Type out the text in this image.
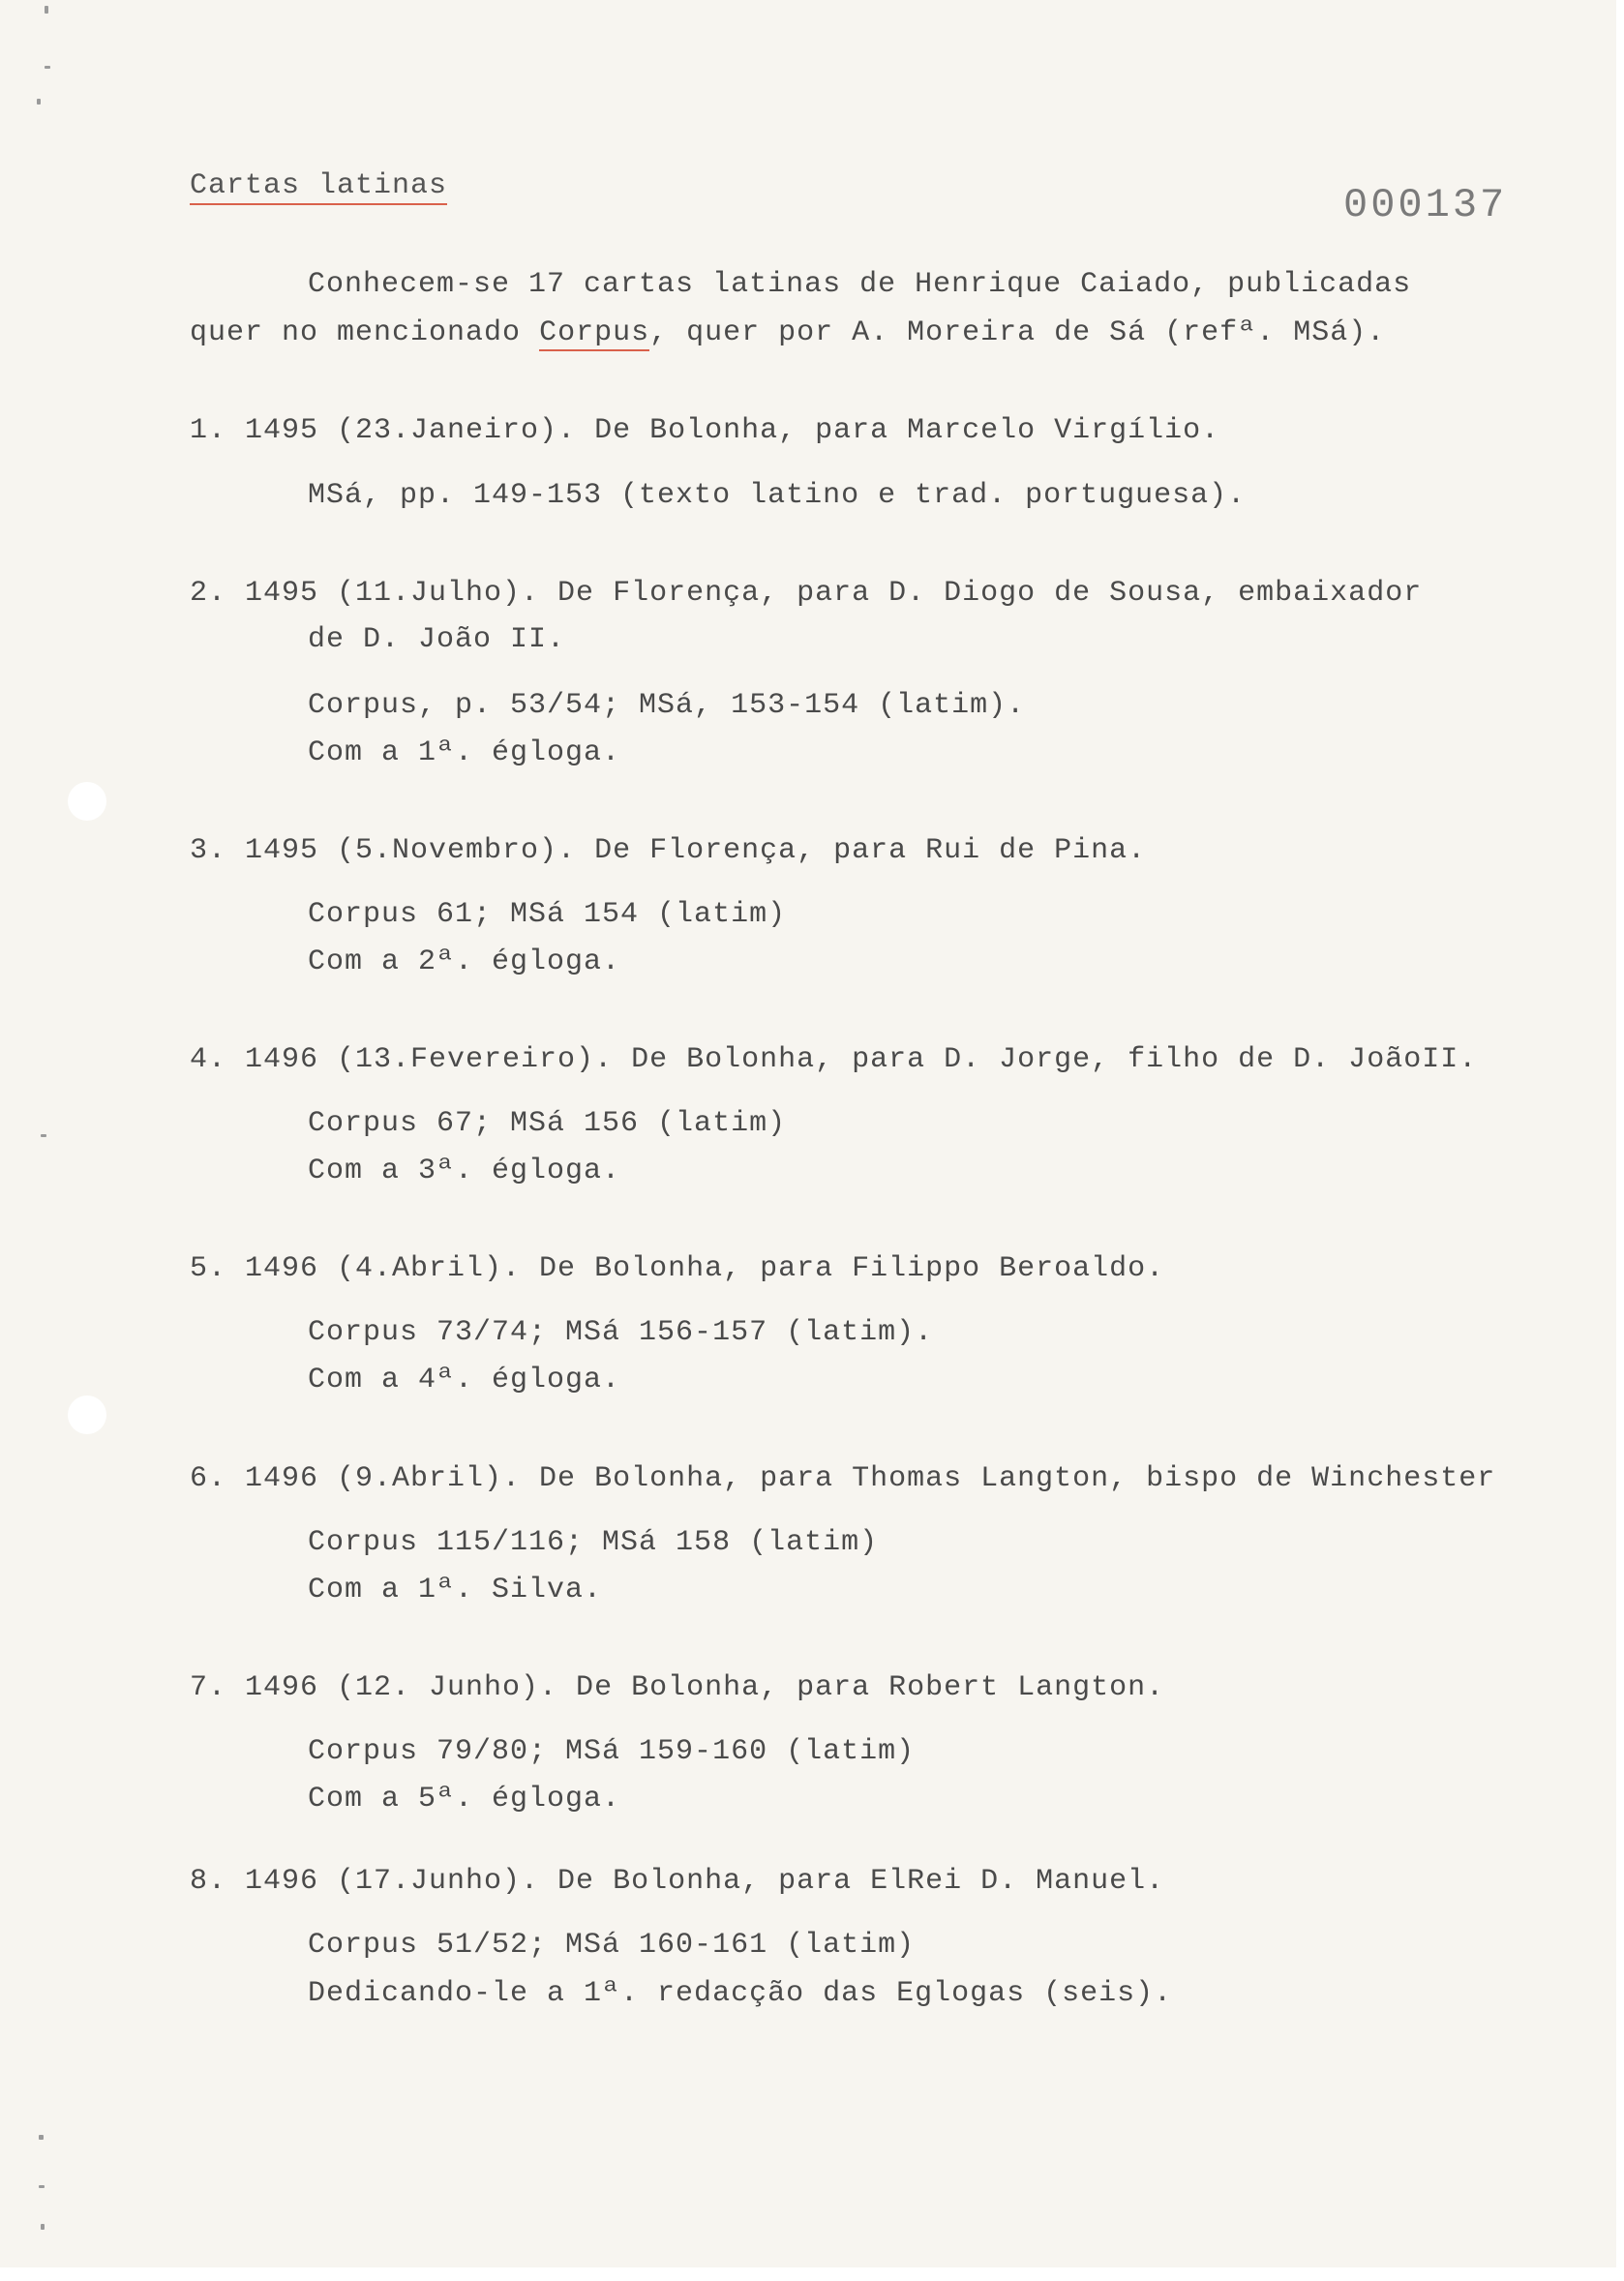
Cartas latinas	000137
Conhecem-se 17 cartas latinas de Henrique Caiado, publicadas
quer no mencionado Corpus, quer por A. Moreira de Sá (refª. MSá).
1. 1495 (23.Janeiro). De Bolonha, para Marcelo Virgílio.
MSá, pp. 149-153 (texto latino e trad. portuguesa).
2. 1495 (11.Julho). De Florença, para D. Diogo de Sousa, embaixador
de D. João II.
Corpus, p. 53/54; MSá, 153-154 (latim).
Com a 1ª. égloga.
3. 1495 (5.Novembro). De Florença, para Rui de Pina.
Corpus 61; MSá 154 (latim)
Com a 2ª. égloga.
4. 1496 (13.Fevereiro). De Bolonha, para D. Jorge, filho de D. JoãoII.
Corpus 67; MSá 156 (latim)
Com a 3ª. égloga.
5. 1496 (4.Abril). De Bolonha, para Filippo Beroaldo.
Corpus 73/74; MSá 156-157 (latim).
Com a 4ª. égloga.
6. 1496 (9.Abril). De Bolonha, para Thomas Langton, bispo de Winchester
Corpus 115/116; MSá 158 (latim)
Com a 1ª. Silva.
7. 1496 (12. Junho). De Bolonha, para Robert Langton.
Corpus 79/80; MSá 159-160 (latim)
Com a 5ª. égloga.
8. 1496 (17.Junho). De Bolonha, para ElRei D. Manuel.
Corpus 51/52; MSá 160-161 (latim)
Dedicando-le a 1ª. redacção das Eglogas (seis).
